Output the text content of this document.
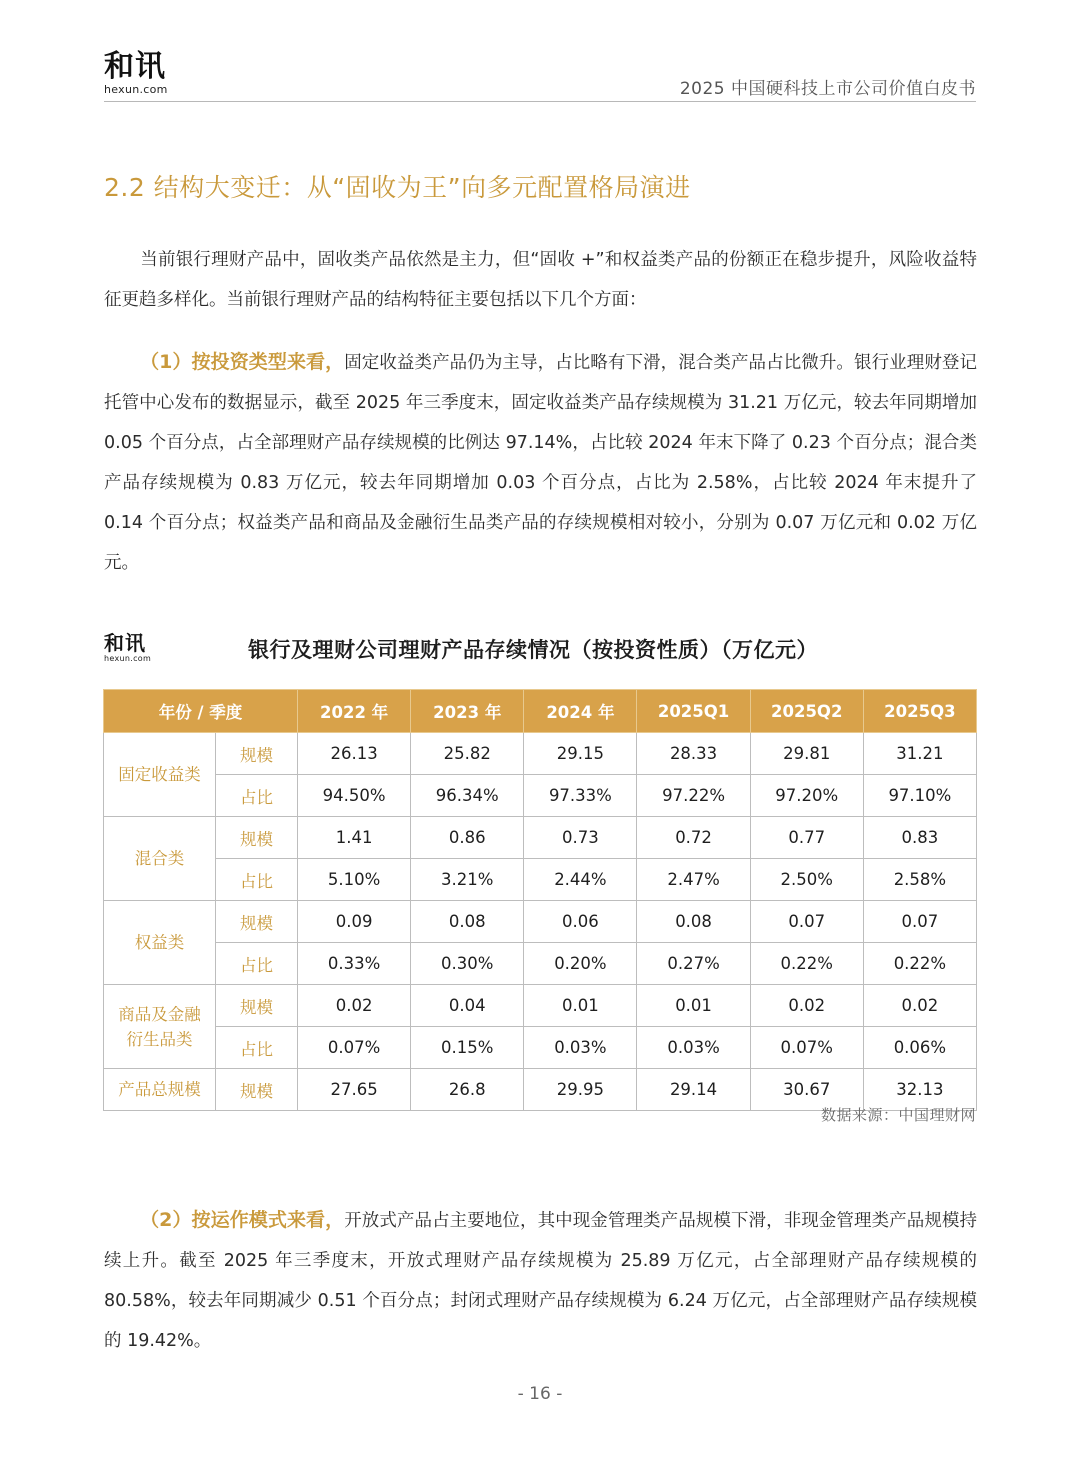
和讯
hexun.com	2025 中国硬科技上市公司价值白皮书
2.2 结构大变迁：从“固收为王”向多元配置格局演进

当前银行理财产品中，固收类产品依然是主力，但“固收 +”和权益类产品的份额正在稳步提升，风险收益特征更趋多样化。当前银行理财产品的结构特征主要包括以下几个方面：

（1）按投资类型来看，固定收益类产品仍为主导，占比略有下滑，混合类产品占比微升。银行业理财登记托管中心发布的数据显示，截至 2025 年三季度末，固定收益类产品存续规模为 31.21 万亿元，较去年同期增加 0.05 个百分点，占全部理财产品存续规模的比例达 97.14%，占比较 2024 年末下降了 0.23 个百分点；混合类产品存续规模为 0.83 万亿元，较去年同期增加 0.03 个百分点，占比为 2.58%，占比较 2024 年末提升了 0.14 个百分点；权益类产品和商品及金融衍生品类产品的存续规模相对较小，分别为 0.07 万亿元和 0.02 万亿元。

和讯
hexun.com	银行及理财公司理财产品存续情况（按投资性质）（万亿元）
年份 / 季度		2022 年	2023 年	2024 年	2025Q1	2025Q2	2025Q3
固定收益类	规模	26.13	25.82	29.15	28.33	29.81	31.21
	占比	94.50%	96.34%	97.33%	97.22%	97.20%	97.10%
混合类	规模	1.41	0.86	0.73	0.72	0.77	0.83
	占比	5.10%	3.21%	2.44%	2.47%	2.50%	2.58%
权益类	规模	0.09	0.08	0.06	0.08	0.07	0.07
	占比	0.33%	0.30%	0.20%	0.27%	0.22%	0.22%
商品及金融
衍生品类	规模	0.02	0.04	0.01	0.01	0.02	0.02
	占比	0.07%	0.15%	0.03%	0.03%	0.07%	0.06%
产品总规模	规模	27.65	26.8	29.95	29.14	30.67	32.13
数据来源：中国理财网

（2）按运作模式来看，开放式产品占主要地位，其中现金管理类产品规模下滑，非现金管理类产品规模持续上升。截至 2025 年三季度末，开放式理财产品存续规模为 25.89 万亿元，占全部理财产品存续规模的 80.58%，较去年同期减少 0.51 个百分点；封闭式理财产品存续规模为 6.24 万亿元，占全部理财产品存续规模的 19.42%。

- 16 -
